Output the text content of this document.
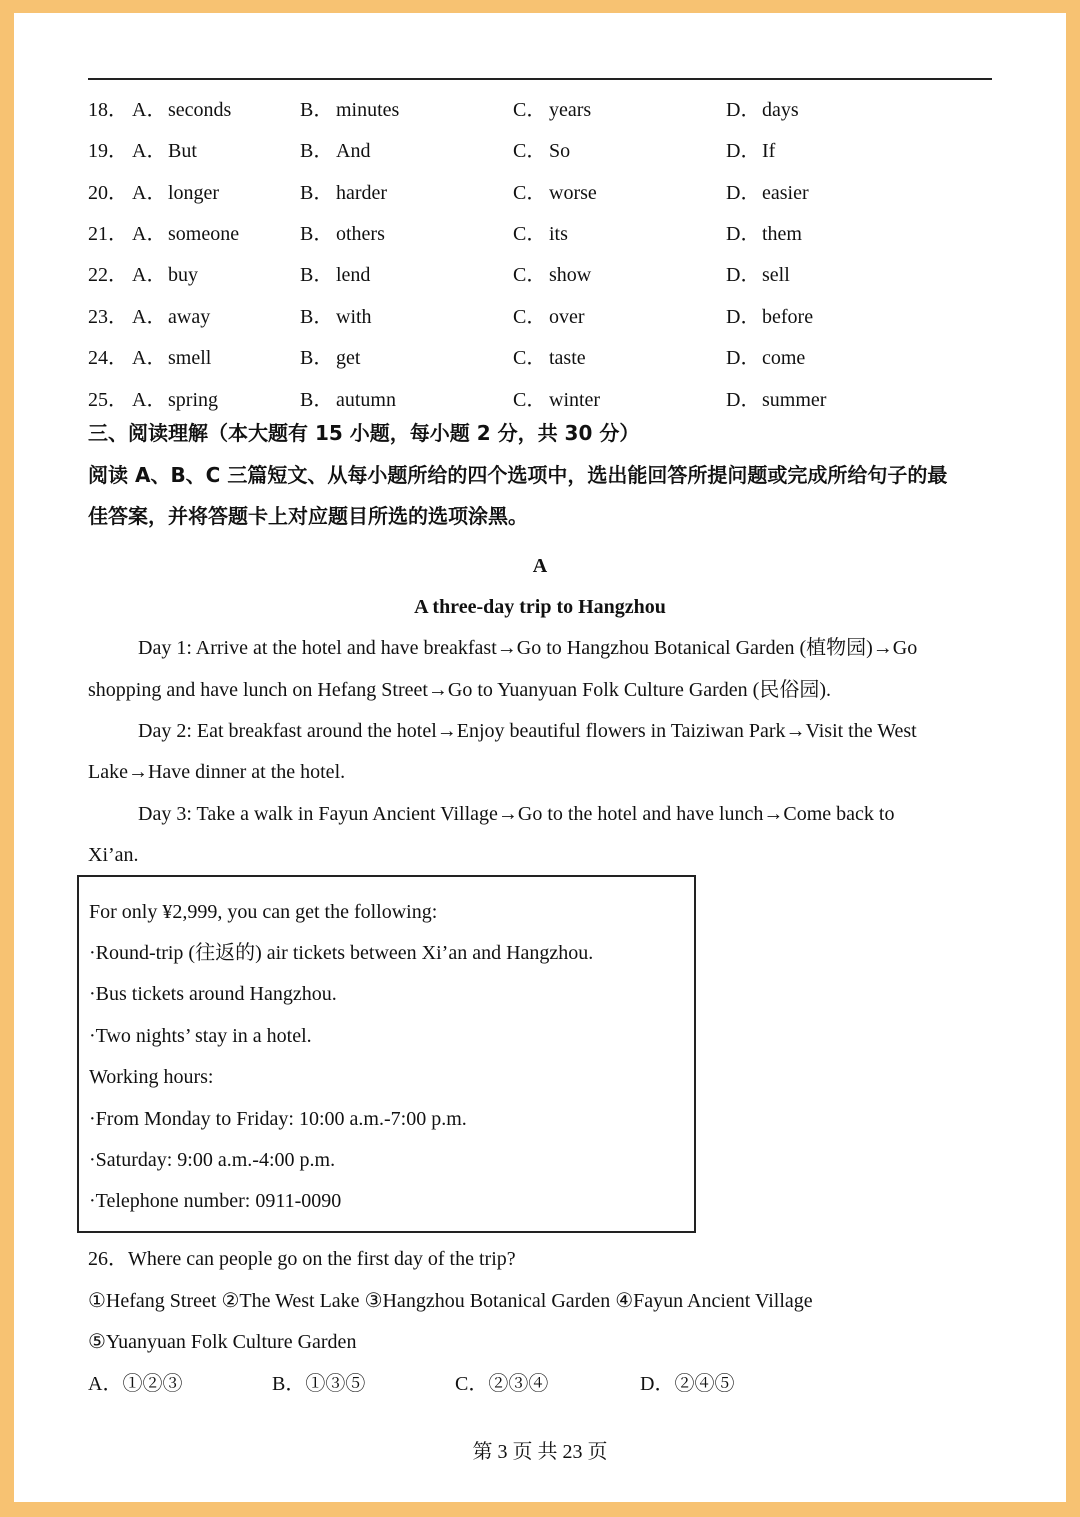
18． A．seconds	B． minutes	C． years	D．days
19． A．But	B． And	C． So	D．If
20． A．longer	B． harder	C． worse	D．easier
21． A．someone	B． others	C． its	D．them
22． A．buy	B． lend	C． show	D．sell
23． A．away	B． with	C． over	D．before
24． A．smell	B． get	C． taste	D．come
25． A．spring	B． autumn	C． winter	D．summer
三、阅读理解（本大题有 15 小题，每小题 2 分，共 30 分）
阅读 A、B、C 三篇短文、从每小题所给的四个选项中，选出能回答所提问题或完成所给句子的最
佳答案，并将答题卡上对应题目所选的选项涂黑。
A
A three-day trip to Hangzhou
Day 1: Arrive at the hotel and have breakfast→Go to Hangzhou Botanical Garden (植物园)→Go
shopping and have lunch on Hefang Street→Go to Yuanyuan Folk Culture Garden (民俗园).
Day 2: Eat breakfast around the hotel→Enjoy beautiful flowers in Taiziwan Park→Visit the West
Lake→Have dinner at the hotel.
Day 3: Take a walk in Fayun Ancient Village→Go to the hotel and have lunch→Come back to
Xi’an.
For only ¥2,999, you can get the following:
·Round-trip (往返的) air tickets between Xi’an and Hangzhou.
·Bus tickets around Hangzhou.
·Two nights’ stay in a hotel.
Working hours:
·From Monday to Friday: 10:00 a.m.-7:00 p.m.
·Saturday: 9:00 a.m.-4:00 p.m.
·Telephone number: 0911-0090
26．Where can people go on the first day of the trip?
①Hefang Street ②The West Lake ③Hangzhou Botanical Garden ④Fayun Ancient Village
⑤Yuanyuan Folk Culture Garden
A．①②③	B．①③⑤	C．②③④	D．②④⑤
第 3 页 共 23 页
